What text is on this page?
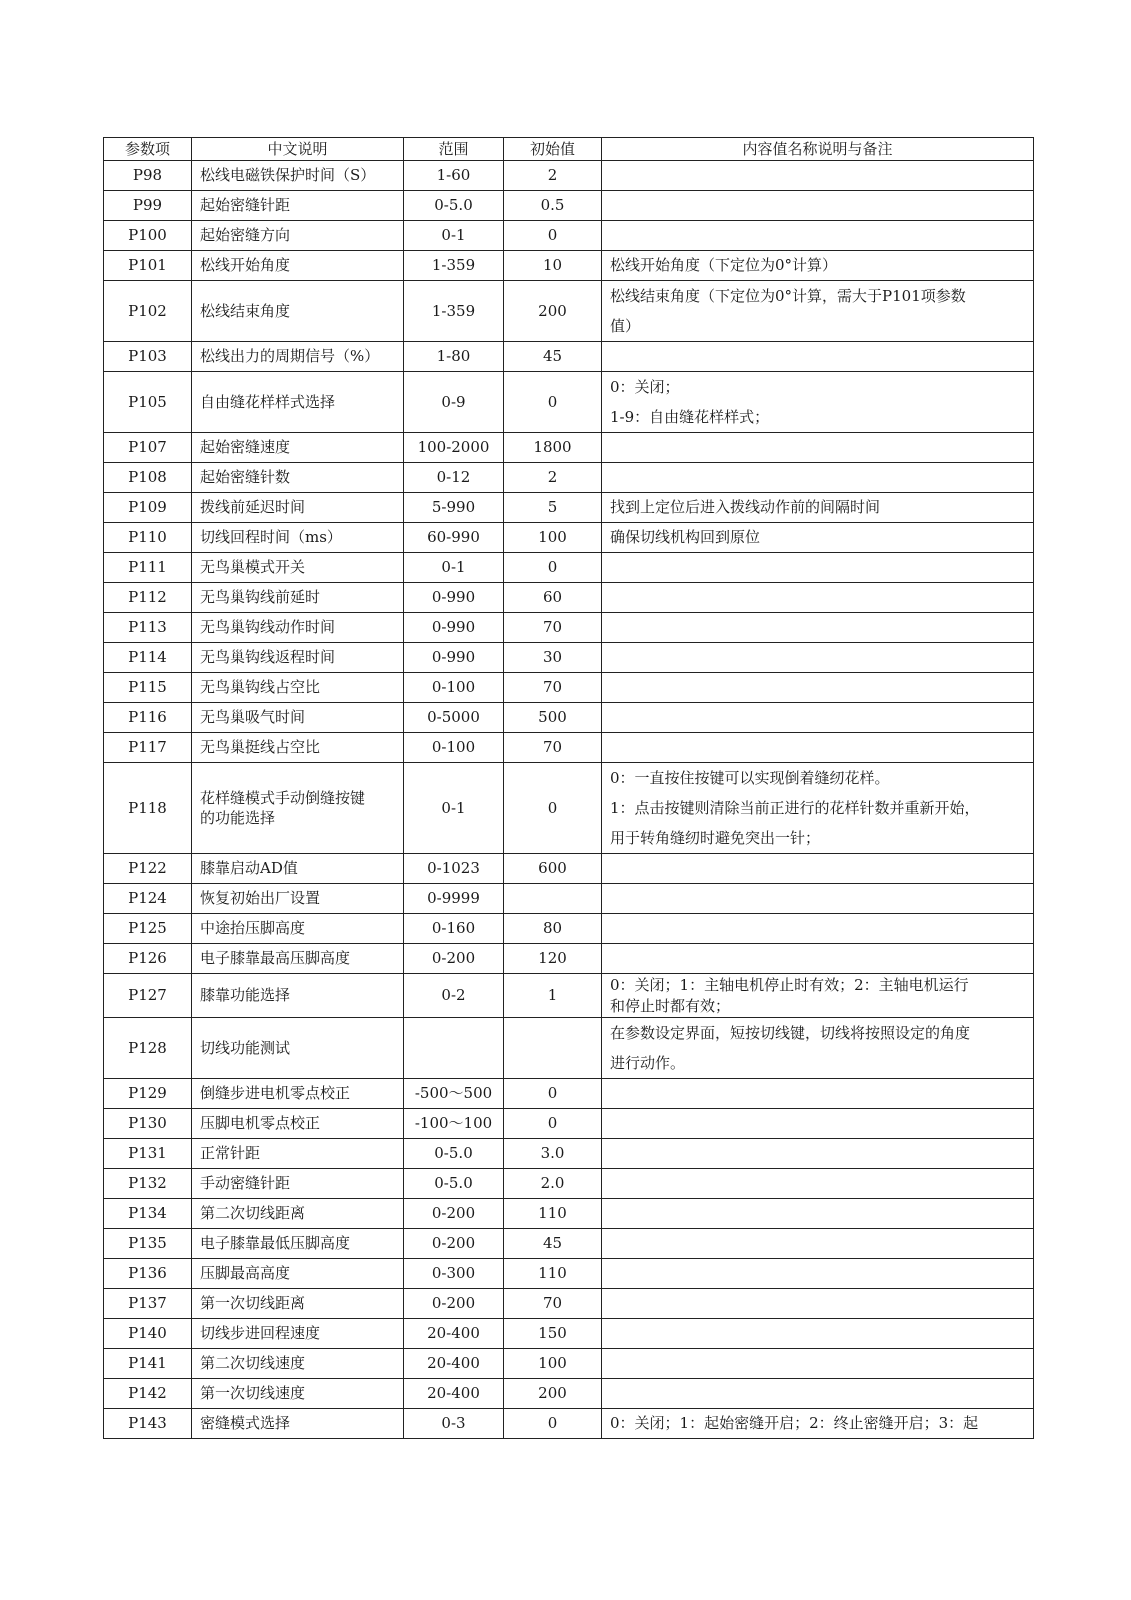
参数项	中文说明	范围	初始值	内容值名称说明与备注
P98	松线电磁铁保护时间（S）	1-60	2	
P99	起始密缝针距	0-5.0	0.5	
P100	起始密缝方向	0-1	0	
P101	松线开始角度	1-359	10	松线开始角度（下定位为0°计算）

P102	松线结束角度	1-359	200	松线结束角度（下定位为0°计算，需大于P101项参数
值）

P103	松线出力的周期信号（%）	1-80	45	
P105	自由缝花样样式选择	0-9	0	0：关闭；
1-9：自由缝花样样式；

P107	起始密缝速度	100-2000	1800	
P108	起始密缝针数	0-12	2	
P109	拨线前延迟时间	5-990	5	找到上定位后进入拨线动作前的间隔时间

P110	切线回程时间（ms）	60-990	100	确保切线机构回到原位

P111	无鸟巢模式开关	0-1	0	
P112	无鸟巢钩线前延时	0-990	60	
P113	无鸟巢钩线动作时间	0-990	70	
P114	无鸟巢钩线返程时间	0-990	30	
P115	无鸟巢钩线占空比	0-100	70	
P116	无鸟巢吸气时间	0-5000	500	
P117	无鸟巢挺线占空比	0-100	70	
P118	花样缝模式手动倒缝按键
的功能选择	0-1	0	0：一直按住按键可以实现倒着缝纫花样。
1：点击按键则清除当前正进行的花样针数并重新开始，
用于转角缝纫时避免突出一针；

P122	膝靠启动AD值	0-1023	600	
P124	恢复初始出厂设置	0-9999		
P125	中途抬压脚高度	0-160	80	
P126	电子膝靠最高压脚高度	0-200	120	
P127	膝靠功能选择	0-2	1	0：关闭；1：主轴电机停止时有效；2：主轴电机运行
和停止时都有效；

P128	切线功能测试			在参数设定界面，短按切线键，切线将按照设定的角度
进行动作。

P129	倒缝步进电机零点校正	-500～500	0	
P130	压脚电机零点校正	-100～100	0	
P131	正常针距	0-5.0	3.0	
P132	手动密缝针距	0-5.0	2.0	
P134	第二次切线距离	0-200	110	
P135	电子膝靠最低压脚高度	0-200	45	
P136	压脚最高高度	0-300	110	
P137	第一次切线距离	0-200	70	
P140	切线步进回程速度	20-400	150	
P141	第二次切线速度	20-400	100	
P142	第一次切线速度	20-400	200	
P143	密缝模式选择	0-3	0	0：关闭；1：起始密缝开启；2：终止密缝开启；3：起
